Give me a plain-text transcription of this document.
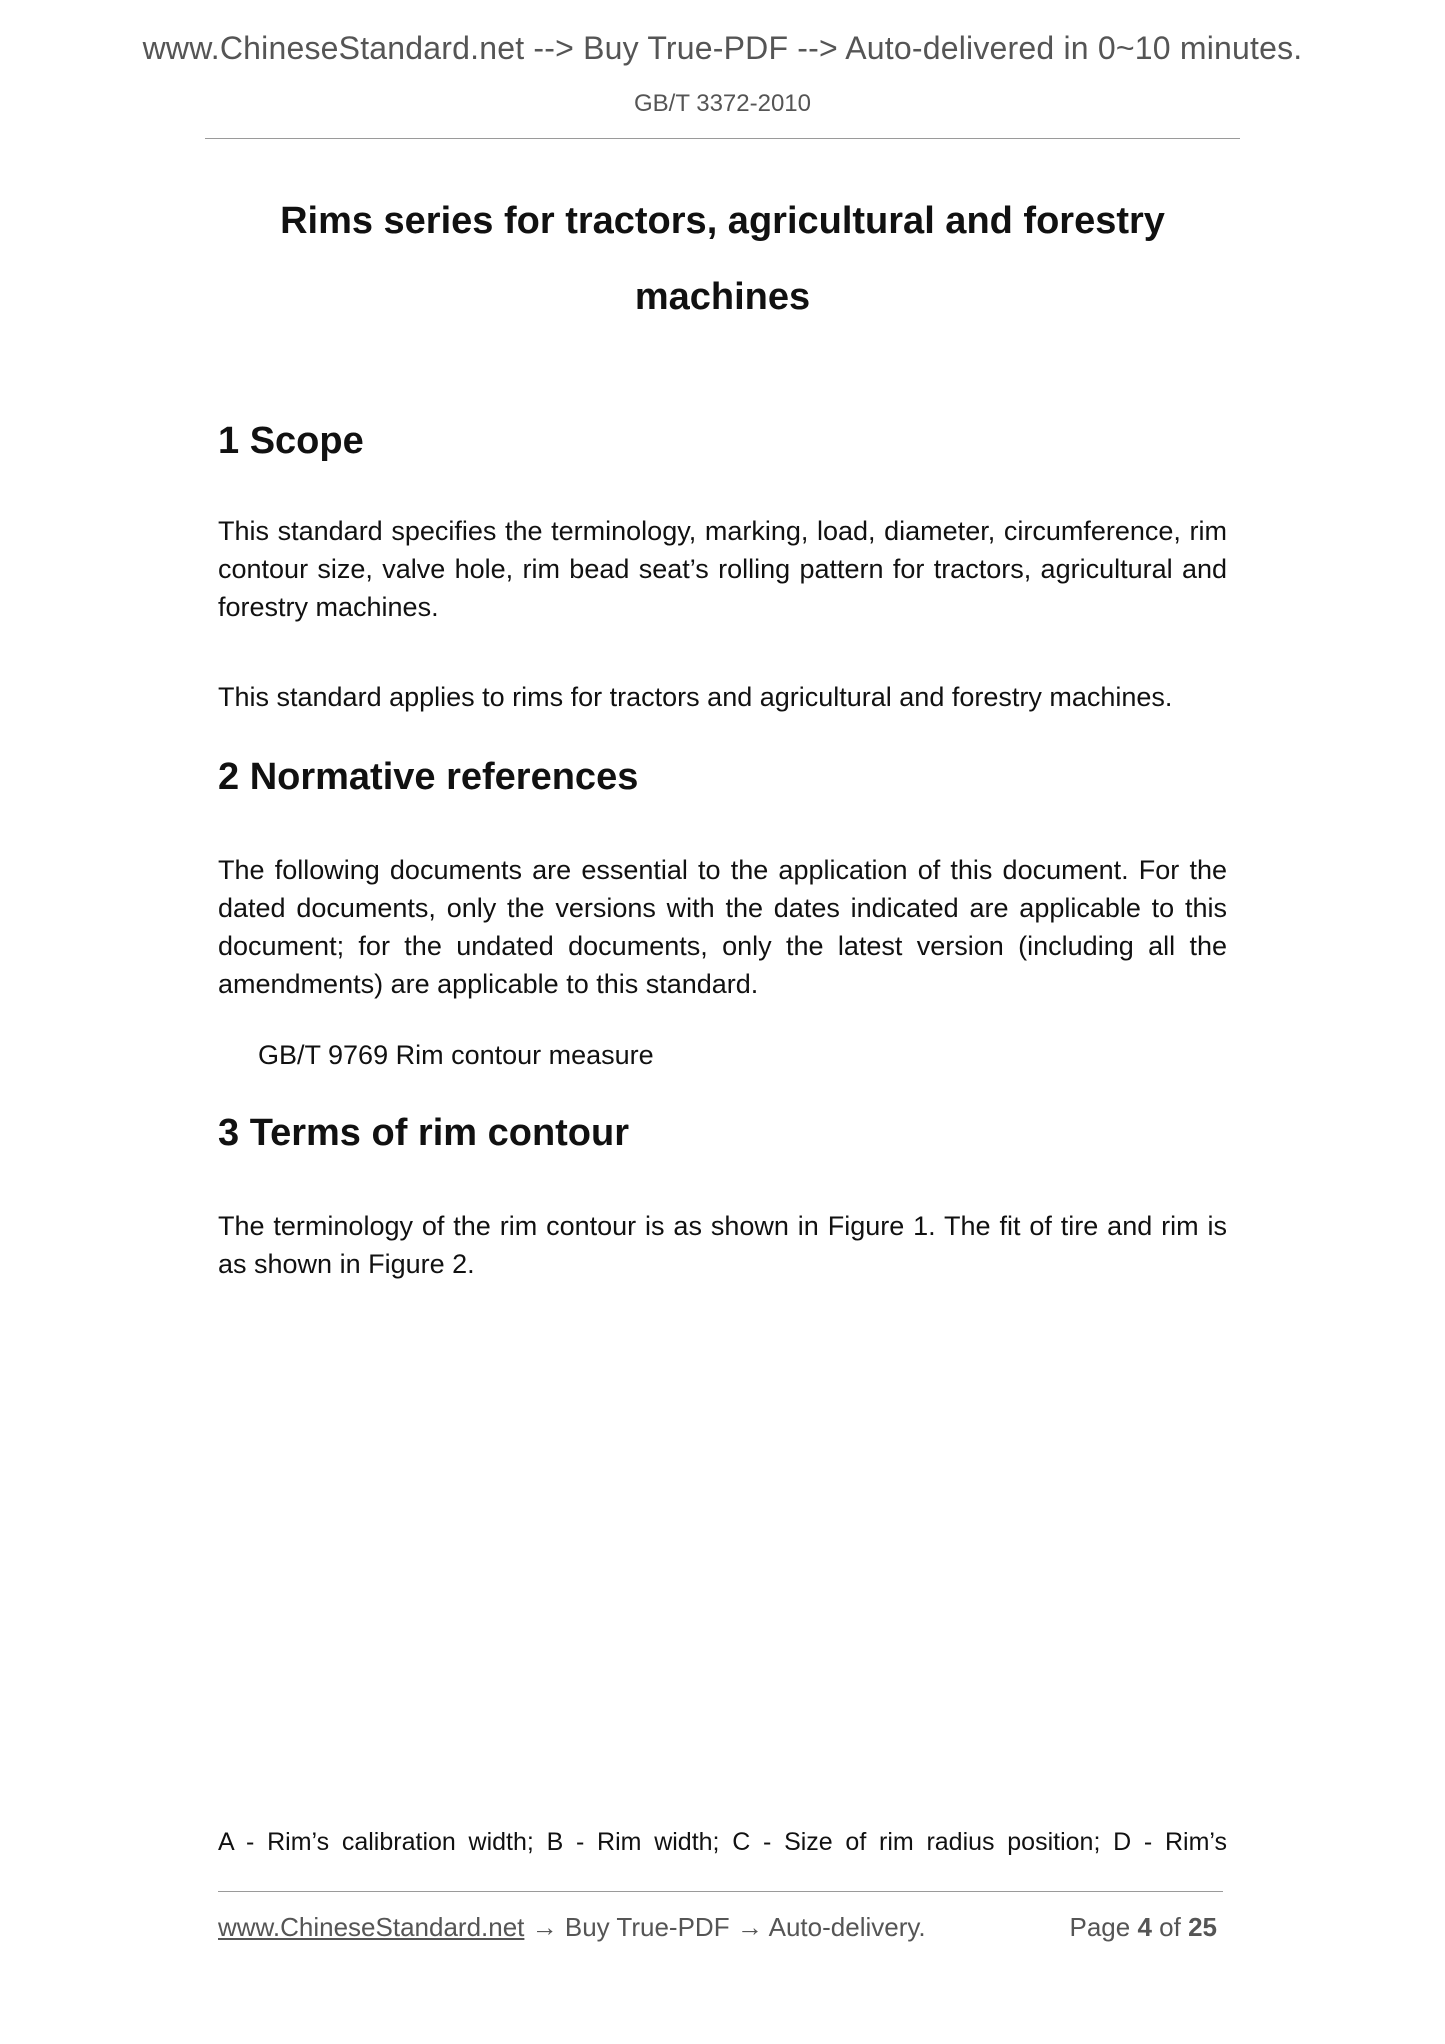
www.ChineseStandard.net --> Buy True-PDF --> Auto-delivered in 0~10 minutes.
GB/T 3372-2010
Rims series for tractors, agricultural and forestry
machines
1 Scope
This standard specifies the terminology, marking, load, diameter, circumference, rim contour size, valve hole, rim bead seat’s rolling pattern for tractors, agricultural and forestry machines.
This standard applies to rims for tractors and agricultural and forestry machines.
2 Normative references
The following documents are essential to the application of this document. For the dated documents, only the versions with the dates indicated are applicable to this document; for the undated documents, only the latest version (including all the amendments) are applicable to this standard.
GB/T 9769 Rim contour measure
3 Terms of rim contour
The terminology of the rim contour is as shown in Figure 1. The fit of tire and rim is as shown in Figure 2.
A - Rim’s calibration width; B - Rim width; C - Size of rim radius position; D - Rim’s
www.ChineseStandard.net → Buy True-PDF → Auto-delivery.	Page 4 of 25
